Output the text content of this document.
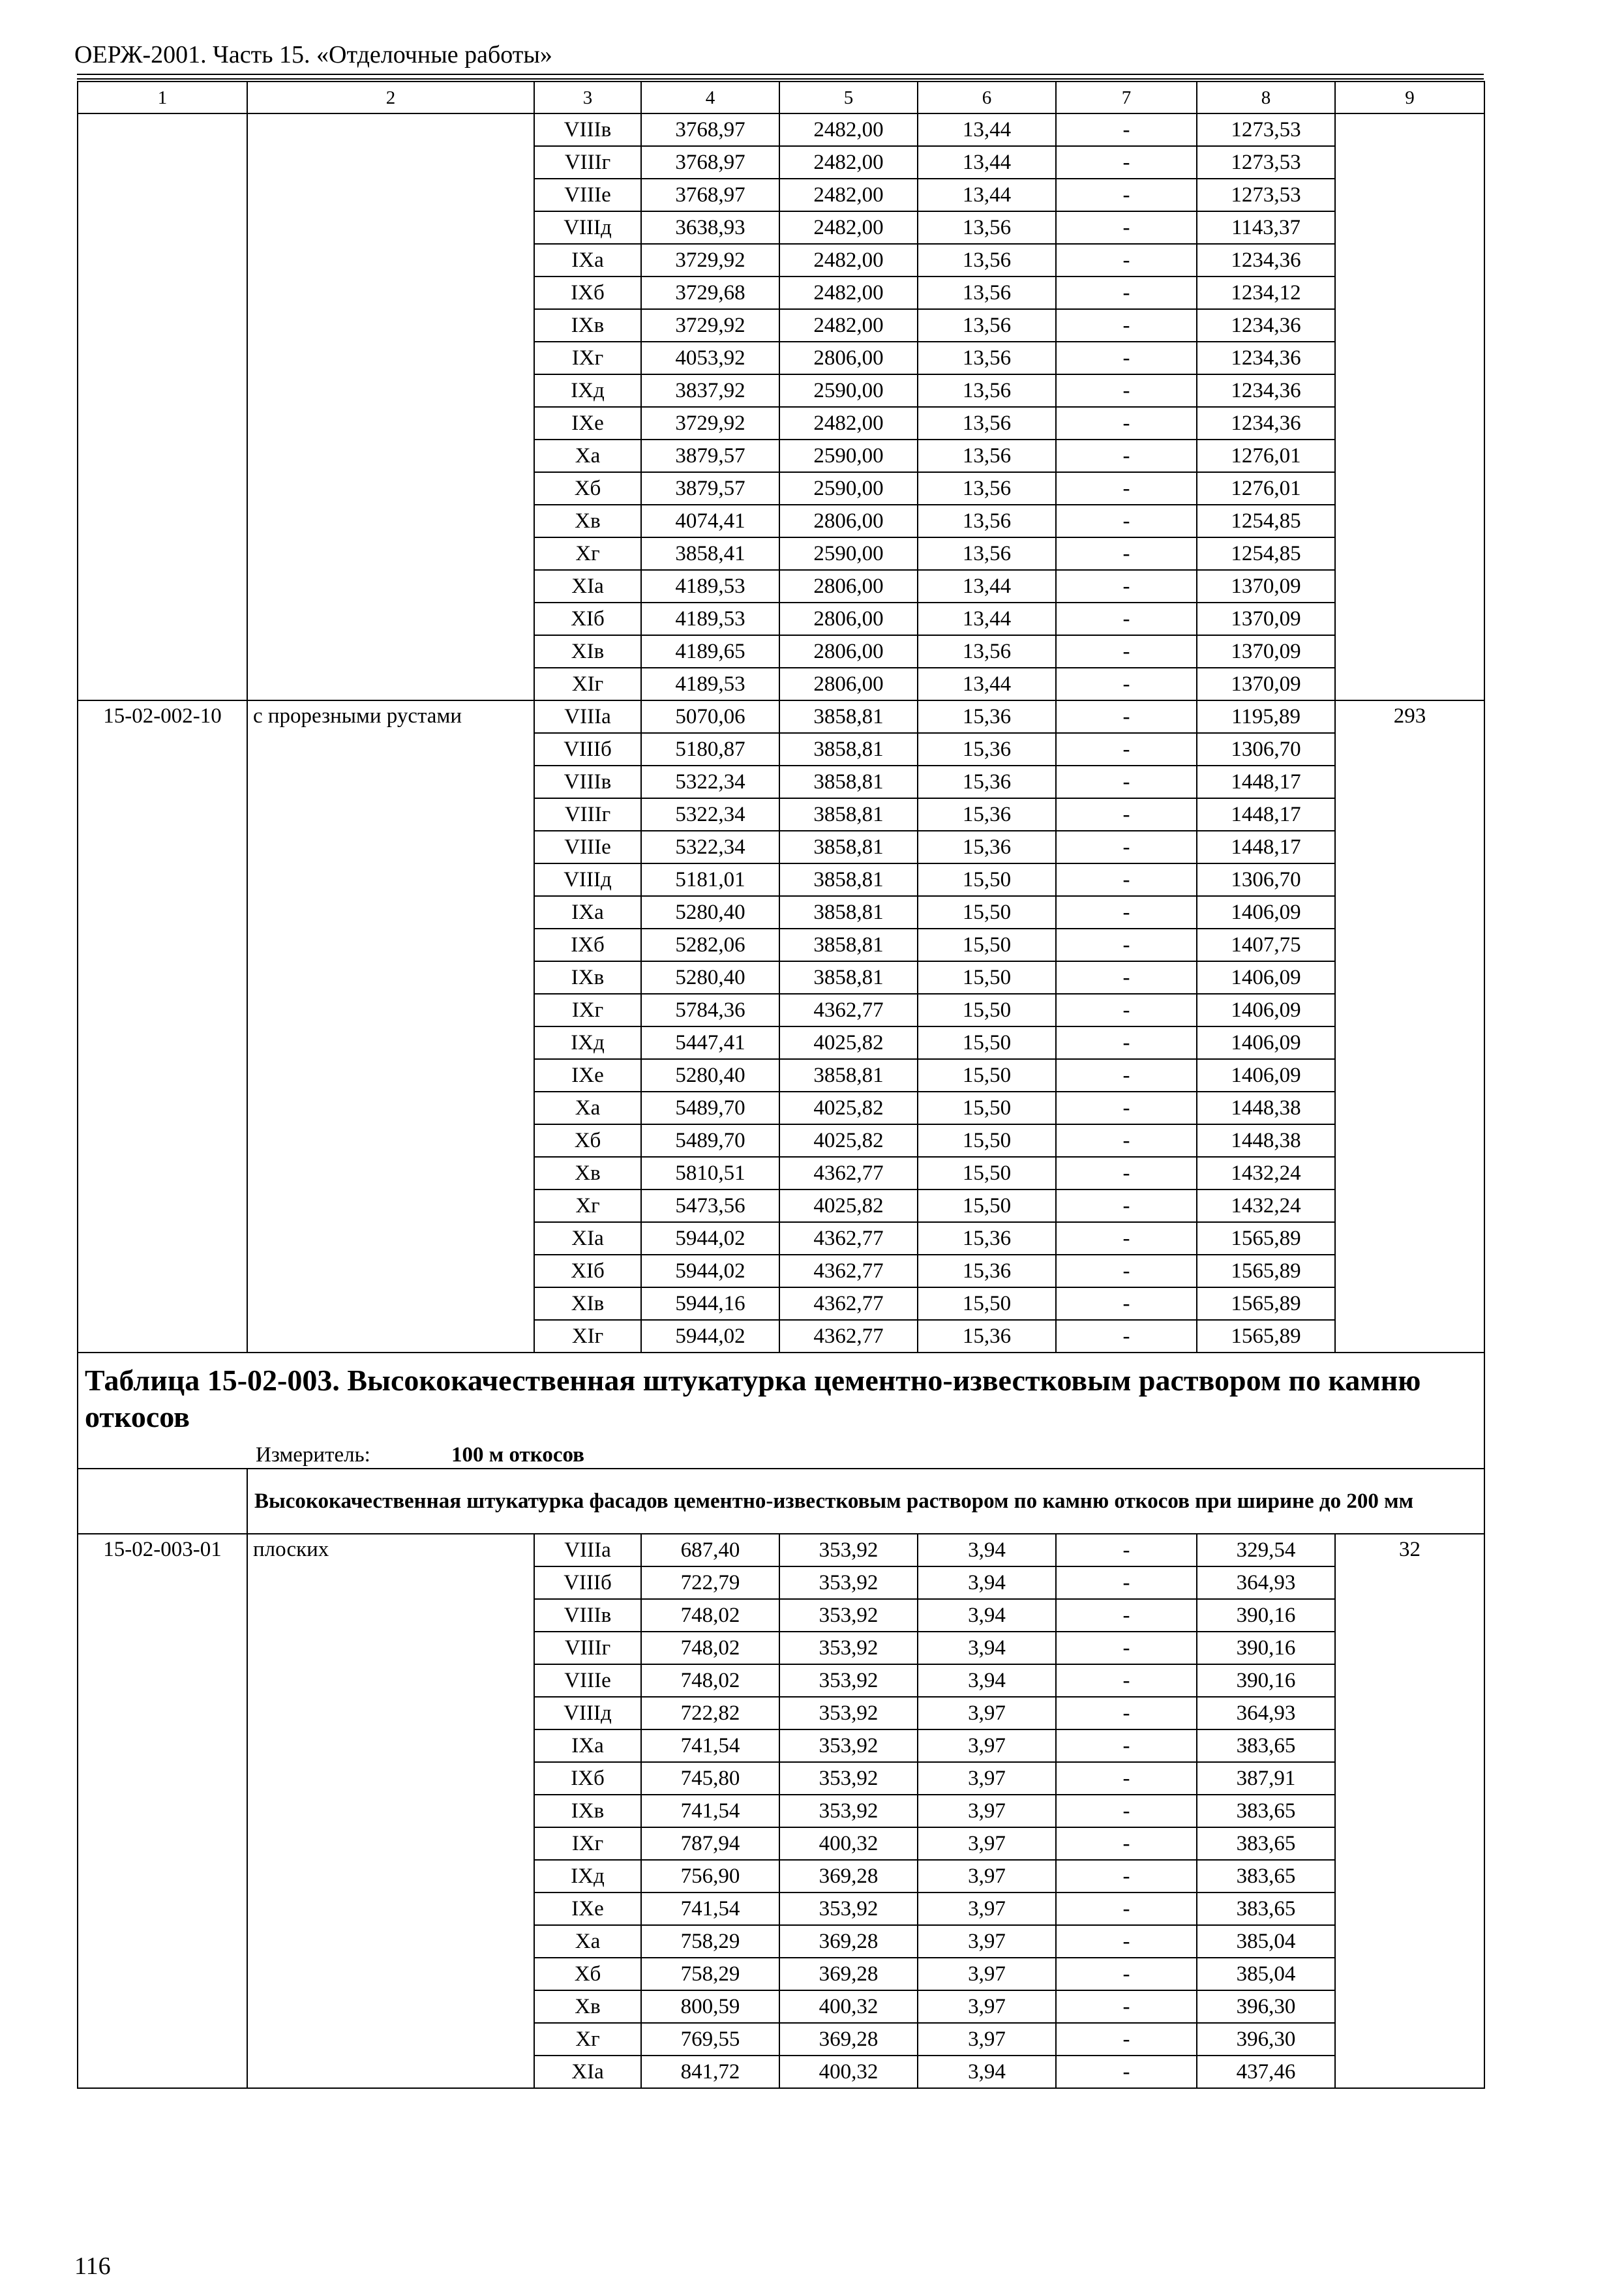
ОЕРЖ-2001. Часть 15. «Отделочные работы»
1	2	3	4	5	6	7	8	9
		VIIIв	3768,97	2482,00	13,44	-	1273,53	
		VIIIг	3768,97	2482,00	13,44	-	1273,53	
		VIIIе	3768,97	2482,00	13,44	-	1273,53	
		VIIIд	3638,93	2482,00	13,56	-	1143,37	
		IXа	3729,92	2482,00	13,56	-	1234,36	
		IXб	3729,68	2482,00	13,56	-	1234,12	
		IXв	3729,92	2482,00	13,56	-	1234,36	
		IXг	4053,92	2806,00	13,56	-	1234,36	
		IXд	3837,92	2590,00	13,56	-	1234,36	
		IXе	3729,92	2482,00	13,56	-	1234,36	
		Xа	3879,57	2590,00	13,56	-	1276,01	
		Xб	3879,57	2590,00	13,56	-	1276,01	
		Xв	4074,41	2806,00	13,56	-	1254,85	
		Xг	3858,41	2590,00	13,56	-	1254,85	
		XIа	4189,53	2806,00	13,44	-	1370,09	
		XIб	4189,53	2806,00	13,44	-	1370,09	
		XIв	4189,65	2806,00	13,56	-	1370,09	
		XIг	4189,53	2806,00	13,44	-	1370,09	
15-02-002-10	с прорезными рустами	VIIIа	5070,06	3858,81	15,36	-	1195,89	293
		VIIIб	5180,87	3858,81	15,36	-	1306,70	
		VIIIв	5322,34	3858,81	15,36	-	1448,17	
		VIIIг	5322,34	3858,81	15,36	-	1448,17	
		VIIIе	5322,34	3858,81	15,36	-	1448,17	
		VIIIд	5181,01	3858,81	15,50	-	1306,70	
		IXа	5280,40	3858,81	15,50	-	1406,09	
		IXб	5282,06	3858,81	15,50	-	1407,75	
		IXв	5280,40	3858,81	15,50	-	1406,09	
		IXг	5784,36	4362,77	15,50	-	1406,09	
		IXд	5447,41	4025,82	15,50	-	1406,09	
		IXе	5280,40	3858,81	15,50	-	1406,09	
		Xа	5489,70	4025,82	15,50	-	1448,38	
		Xб	5489,70	4025,82	15,50	-	1448,38	
		Xв	5810,51	4362,77	15,50	-	1432,24	
		Xг	5473,56	4025,82	15,50	-	1432,24	
		XIа	5944,02	4362,77	15,36	-	1565,89	
		XIб	5944,02	4362,77	15,36	-	1565,89	
		XIв	5944,16	4362,77	15,50	-	1565,89	
		XIг	5944,02	4362,77	15,36	-	1565,89	

Таблица 15-02-003. Высококачественная штукатурка цементно-известковым раствором по камню откосов
Измеритель: 100 м откосов								

	Высококачественная штукатурка фасадов цементно-известковым раствором по камню откосов при ширине до 200 мм							
15-02-003-01	плоских	VIIIа	687,40	353,92	3,94	-	329,54	32
		VIIIб	722,79	353,92	3,94	-	364,93	
		VIIIв	748,02	353,92	3,94	-	390,16	
		VIIIг	748,02	353,92	3,94	-	390,16	
		VIIIе	748,02	353,92	3,94	-	390,16	
		VIIIд	722,82	353,92	3,97	-	364,93	
		IXа	741,54	353,92	3,97	-	383,65	
		IXб	745,80	353,92	3,97	-	387,91	
		IXв	741,54	353,92	3,97	-	383,65	
		IXг	787,94	400,32	3,97	-	383,65	
		IXд	756,90	369,28	3,97	-	383,65	
		IXе	741,54	353,92	3,97	-	383,65	
		Xа	758,29	369,28	3,97	-	385,04	
		Xб	758,29	369,28	3,97	-	385,04	
		Xв	800,59	400,32	3,97	-	396,30	
		Xг	769,55	369,28	3,97	-	396,30	
		XIа	841,72	400,32	3,94	-	437,46	
116
